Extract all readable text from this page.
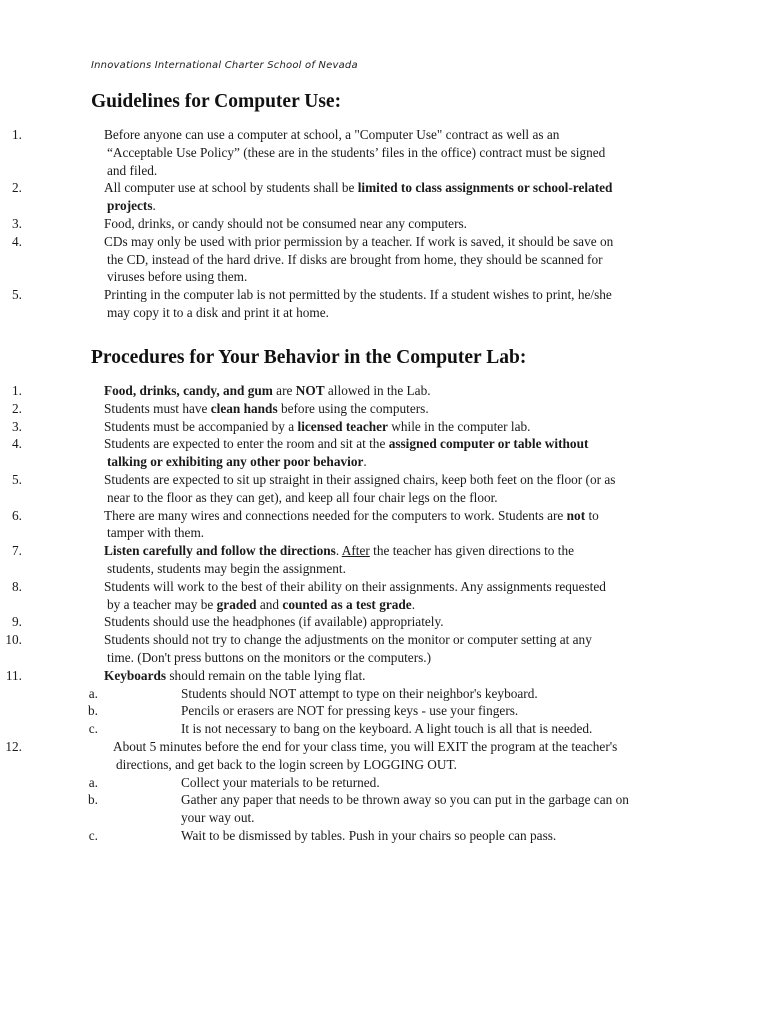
Innovations International Charter School of Nevada
Guidelines for Computer Use:
1.	Before anyone can use a computer at school, a "Computer Use" contract as well as an
“Acceptable Use Policy” (these are in the students’ files in the office) contract must be signed
and filed.
2.	All computer use at school by students shall be limited to class assignments or school-related
projects.
3.	Food, drinks, or candy should not be consumed near any computers.
4.	CDs may only be used with prior permission by a teacher. If work is saved, it should be save on
the CD, instead of the hard drive. If disks are brought from home, they should be scanned for
viruses before using them.
5.	Printing in the computer lab is not permitted by the students. If a student wishes to print, he/she
may copy it to a disk and print it at home.
Procedures for Your Behavior in the Computer Lab:
1.	Food, drinks, candy, and gum are NOT allowed in the Lab.
2.	Students must have clean hands before using the computers.
3.	Students must be accompanied by a licensed teacher while in the computer lab.
4.	Students are expected to enter the room and sit at the assigned computer or table without
talking or exhibiting any other poor behavior.
5.	Students are expected to sit up straight in their assigned chairs, keep both feet on the floor (or as
near to the floor as they can get), and keep all four chair legs on the floor.
6.	There are many wires and connections needed for the computers to work. Students are not to
tamper with them.
7.	Listen carefully and follow the directions. After the teacher has given directions to the
students, students may begin the assignment.
8.	Students will work to the best of their ability on their assignments. Any assignments requested
by a teacher may be graded and counted as a test grade.
9.	Students should use the headphones (if available) appropriately.
10.	Students should not try to change the adjustments on the monitor or computer setting at any
time. (Don't press buttons on the monitors or the computers.)
11.	Keyboards should remain on the table lying flat.
a.	Students should NOT attempt to type on their neighbor's keyboard.
b.	Pencils or erasers are NOT for pressing keys - use your fingers.
c.	It is not necessary to bang on the keyboard. A light touch is all that is needed.
12.	About 5 minutes before the end for your class time, you will EXIT the program at the teacher's
directions, and get back to the login screen by LOGGING OUT.
a.	Collect your materials to be returned.
b.	Gather any paper that needs to be thrown away so you can put in the garbage can on
your way out.
c.	Wait to be dismissed by tables. Push in your chairs so people can pass.
